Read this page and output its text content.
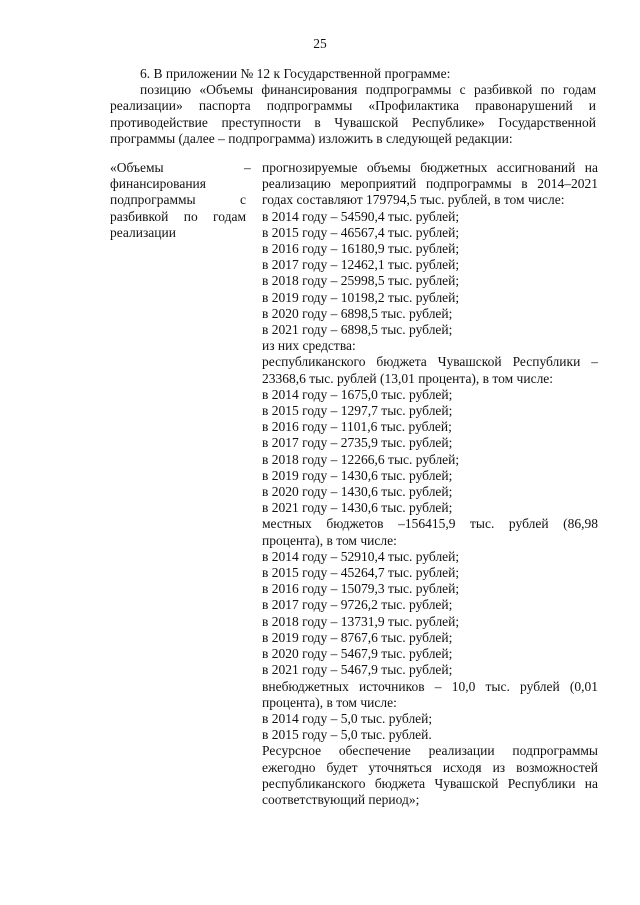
25

6. В приложении № 12 к Государственной программе:

позицию «Объемы финансирования подпрограммы с разбивкой по годам реализации» паспорта подпрограммы «Профилактика правонарушений и противодействие преступности в Чувашской Республике» Государственной программы (далее – подпрограмма) изложить в следующей редакции:

«Объемы финансирования подпрограммы с разбивкой по годам реализации
– прогнозируемые объемы бюджетных ассигнований на реализацию мероприятий подпрограммы в 2014–2021 годах составляют 179794,5 тыс. рублей, в том числе:

в 2014 году – 54590,4 тыс. рублей;

в 2015 году – 46567,4 тыс. рублей;

в 2016 году – 16180,9 тыс. рублей;

в 2017 году – 12462,1 тыс. рублей;

в 2018 году – 25998,5 тыс. рублей;

в 2019 году – 10198,2 тыс. рублей;

в 2020 году – 6898,5 тыс. рублей;

в 2021 году – 6898,5 тыс. рублей;

из них средства:

республиканского бюджета Чувашской Республики – 23368,6 тыс. рублей (13,01 процента), в том числе:

в 2014 году – 1675,0 тыс. рублей;

в 2015 году – 1297,7 тыс. рублей;

в 2016 году – 1101,6 тыс. рублей;

в 2017 году – 2735,9 тыс. рублей;

в 2018 году – 12266,6 тыс. рублей;

в 2019 году – 1430,6 тыс. рублей;

в 2020 году – 1430,6 тыс. рублей;

в 2021 году – 1430,6 тыс. рублей;

местных бюджетов –156415,9 тыс. рублей (86,98 процента), в том числе:

в 2014 году – 52910,4 тыс. рублей;

в 2015 году – 45264,7 тыс. рублей;

в 2016 году – 15079,3 тыс. рублей;

в 2017 году – 9726,2 тыс. рублей;

в 2018 году – 13731,9 тыс. рублей;

в 2019 году – 8767,6 тыс. рублей;

в 2020 году – 5467,9 тыс. рублей;

в 2021 году – 5467,9 тыс. рублей;

внебюджетных источников – 10,0 тыс. рублей (0,01 процента), в том числе:

в 2014 году – 5,0 тыс. рублей;

в 2015 году – 5,0 тыс. рублей.

Ресурсное обеспечение реализации подпрограммы ежегодно будет уточняться исходя из возможностей республиканского бюджета Чувашской Республики на соответствующий период»;
